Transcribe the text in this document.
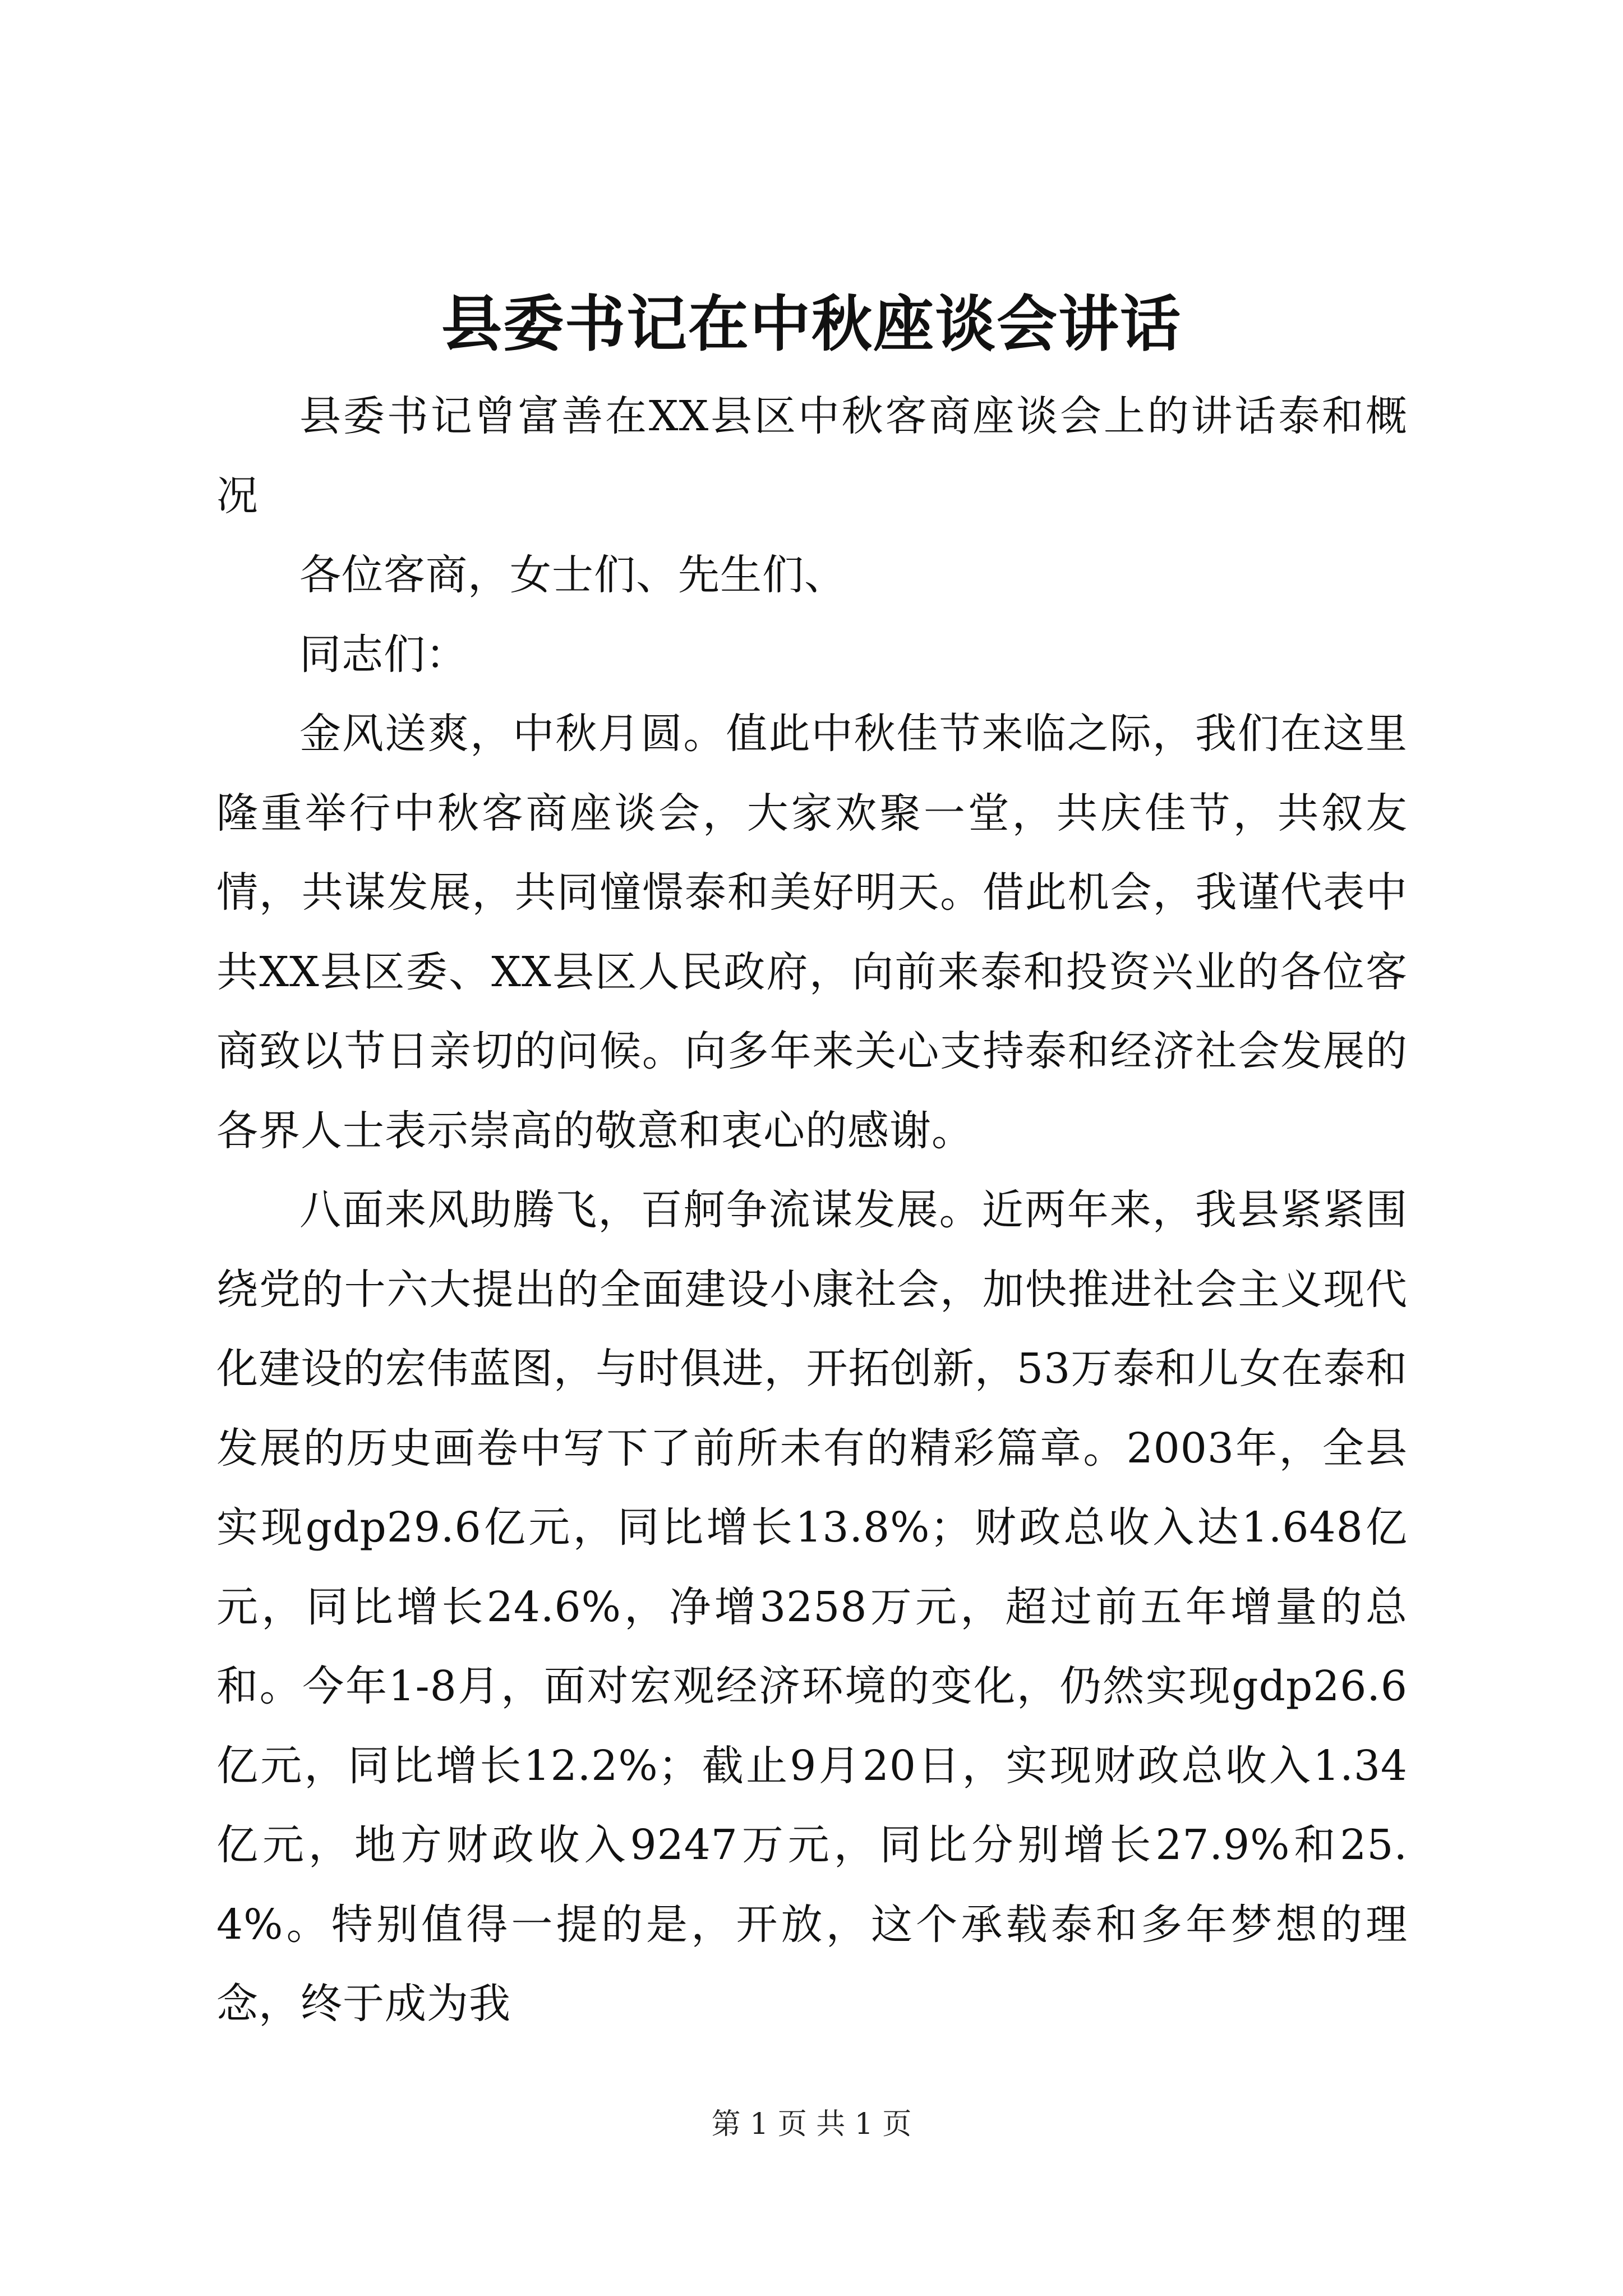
县委书记在中秋座谈会讲话

县委书记曾富善在XX县区中秋客商座谈会上的讲话泰和概况

各位客商，女士们、先生们、

同志们：

金风送爽，中秋月圆。值此中秋佳节来临之际，我们在这里隆重举行中秋客商座谈会，大家欢聚一堂，共庆佳节，共叙友情，共谋发展，共同憧憬泰和美好明天。借此机会，我谨代表中共XX县区委、XX县区人民政府，向前来泰和投资兴业的各位客商致以节日亲切的问候。向多年来关心支持泰和经济社会发展的各界人士表示崇高的敬意和衷心的感谢。

八面来风助腾飞，百舸争流谋发展。近两年来，我县紧紧围绕党的十六大提出的全面建设小康社会，加快推进社会主义现代化建设的宏伟蓝图，与时俱进，开拓创新，53万泰和儿女在泰和发展的历史画卷中写下了前所未有的精彩篇章。2003年，全县实现gdp29.6亿元，同比增长13.8%；财政总收入达1.648亿元，同比增长24.6%，净增3258万元，超过前五年增量的总和。今年1-8月，面对宏观经济环境的变化，仍然实现gdp26.6亿元，同比增长12.2%；截止9月20日，实现财政总收入1.34亿元，地方财政收入9247万元，同比分别增长27.9%和25.4%。特别值得一提的是，开放，这个承载泰和多年梦想的理念，终于成为我

第 1 页 共 1 页
